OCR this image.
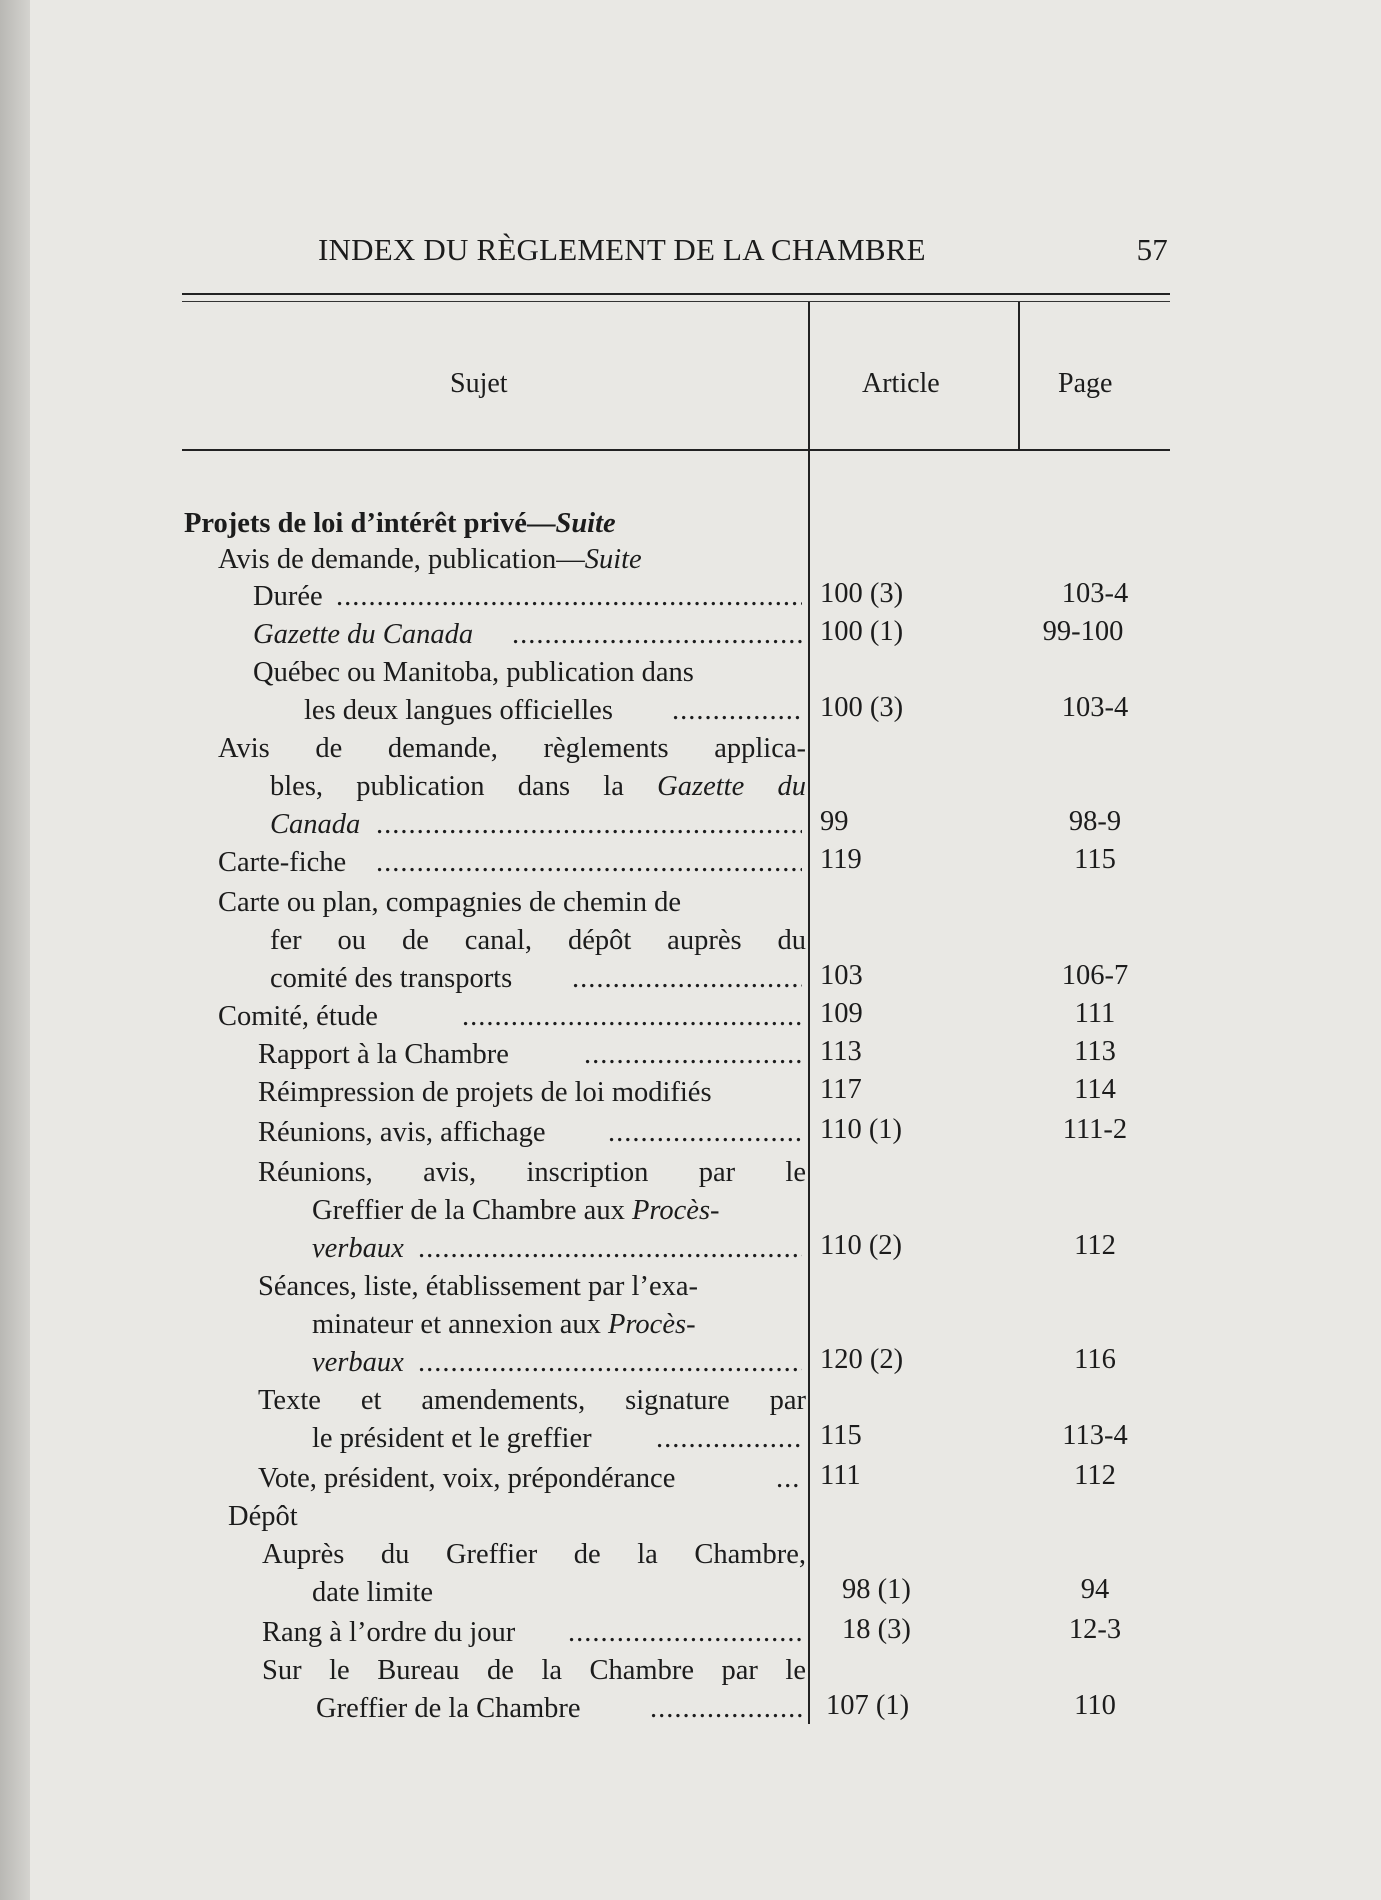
INDEX DU RÈGLEMENT DE LA CHAMBRE	57
Sujet	Article	Page
Projets de loi d’intérêt privé—Suite
Avis de demande, publication—Suite
Durée .....	100 (3)	103-4
Gazette du Canada .....	100 (1)	99-100
Québec ou Manitoba, publication dans
les deux langues officielles .....	100 (3)	103-4
Avis de demande, règlements applica-
bles, publication dans la Gazette du
Canada .....	99	98-9
Carte-fiche .....	119	115
Carte ou plan, compagnies de chemin de
fer ou de canal, dépôt auprès du
comité des transports .....	103	106-7
Comité, étude .....	109	111
Rapport à la Chambre .....	113	113
Réimpression de projets de loi modifiés	117	114
Réunions, avis, affichage .....	110 (1)	111-2
Réunions, avis, inscription par le
Greffier de la Chambre aux Procès-
verbaux .....	110 (2)	112
Séances, liste, établissement par l’exa-
minateur et annexion aux Procès-
verbaux .....	120 (2)	116
Texte et amendements, signature par
le président et le greffier .....	115	113-4
Vote, président, voix, prépondérance .....	111	112
Dépôt
Auprès du Greffier de la Chambre,
date limite	98 (1)	94
Rang à l’ordre du jour .....	18 (3)	12-3
Sur le Bureau de la Chambre par le
Greffier de la Chambre .....	107 (1)	110
